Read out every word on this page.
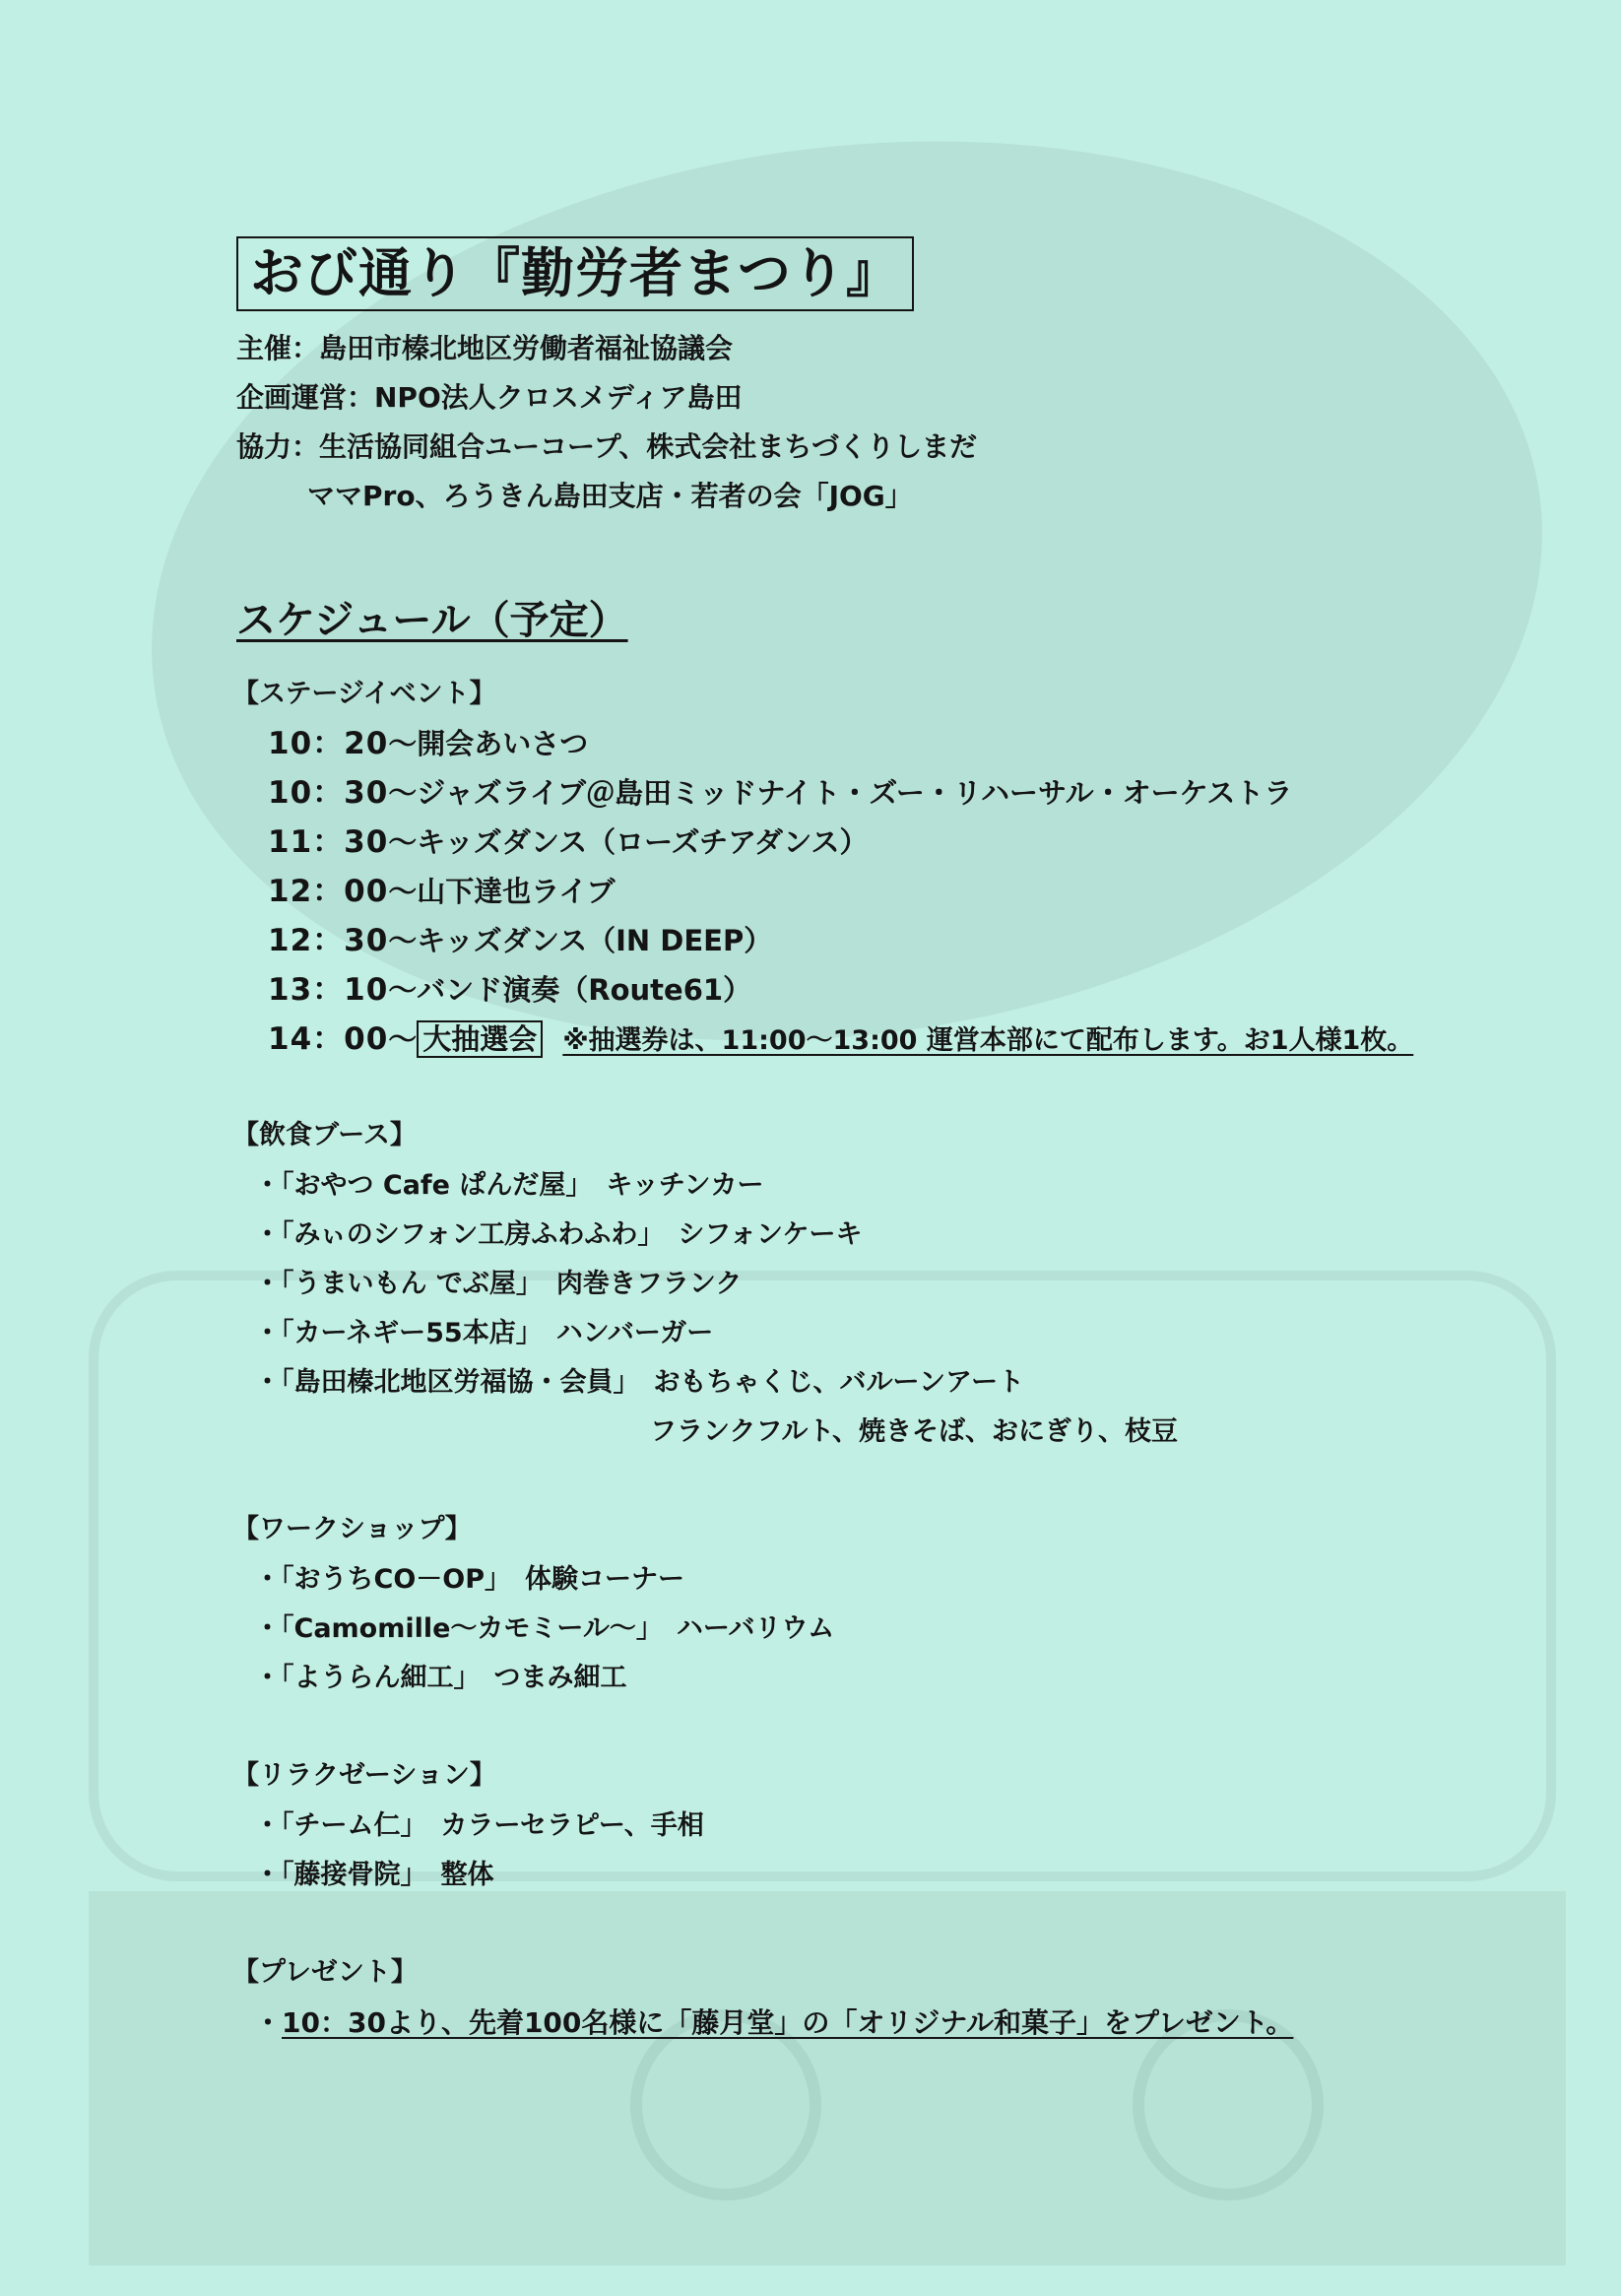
おび通り『勤労者まつり』
主催：島田市榛北地区労働者福祉協議会
企画運営：NPO法人クロスメディア島田
協力：生活協同組合ユーコープ、株式会社まちづくりしまだ
ママPro、ろうきん島田支店・若者の会「JOG」
スケジュール（予定）
【ステージイベント】
10：20～開会あいさつ
10：30～ジャズライブ＠島田ミッドナイト・ズー・リハーサル・オーケストラ
11：30～キッズダンス（ローズチアダンス）
12：00～山下達也ライブ
12：30～キッズダンス（IN DEEP）
13：10～バンド演奏（Route61）
14：00～ 大抽選会 ※抽選券は、11:00～13:00 運営本部にて配布します。お1人様1枚。
【飲食ブース】
・「おやつ Cafe ぱんだ屋」 キッチンカー
・「みぃのシフォン工房ふわふわ」 シフォンケーキ
・「うまいもん でぶ屋」 肉巻きフランク
・「カーネギー55本店」 ハンバーガー
・「島田榛北地区労福協・会員」 おもちゃくじ、バルーンアート
フランクフルト、焼きそば、おにぎり、枝豆
【ワークショップ】
・「おうちCO－OP」 体験コーナー
・「Camomille～カモミール～」 ハーバリウム
・「ようらん細工」 つまみ細工
【リラクゼーション】
・「チーム仁」 カラーセラピー、手相
・「藤接骨院」 整体
【プレゼント】
・10：30より、先着100名様に「藤月堂」の「オリジナル和菓子」をプレゼント。
